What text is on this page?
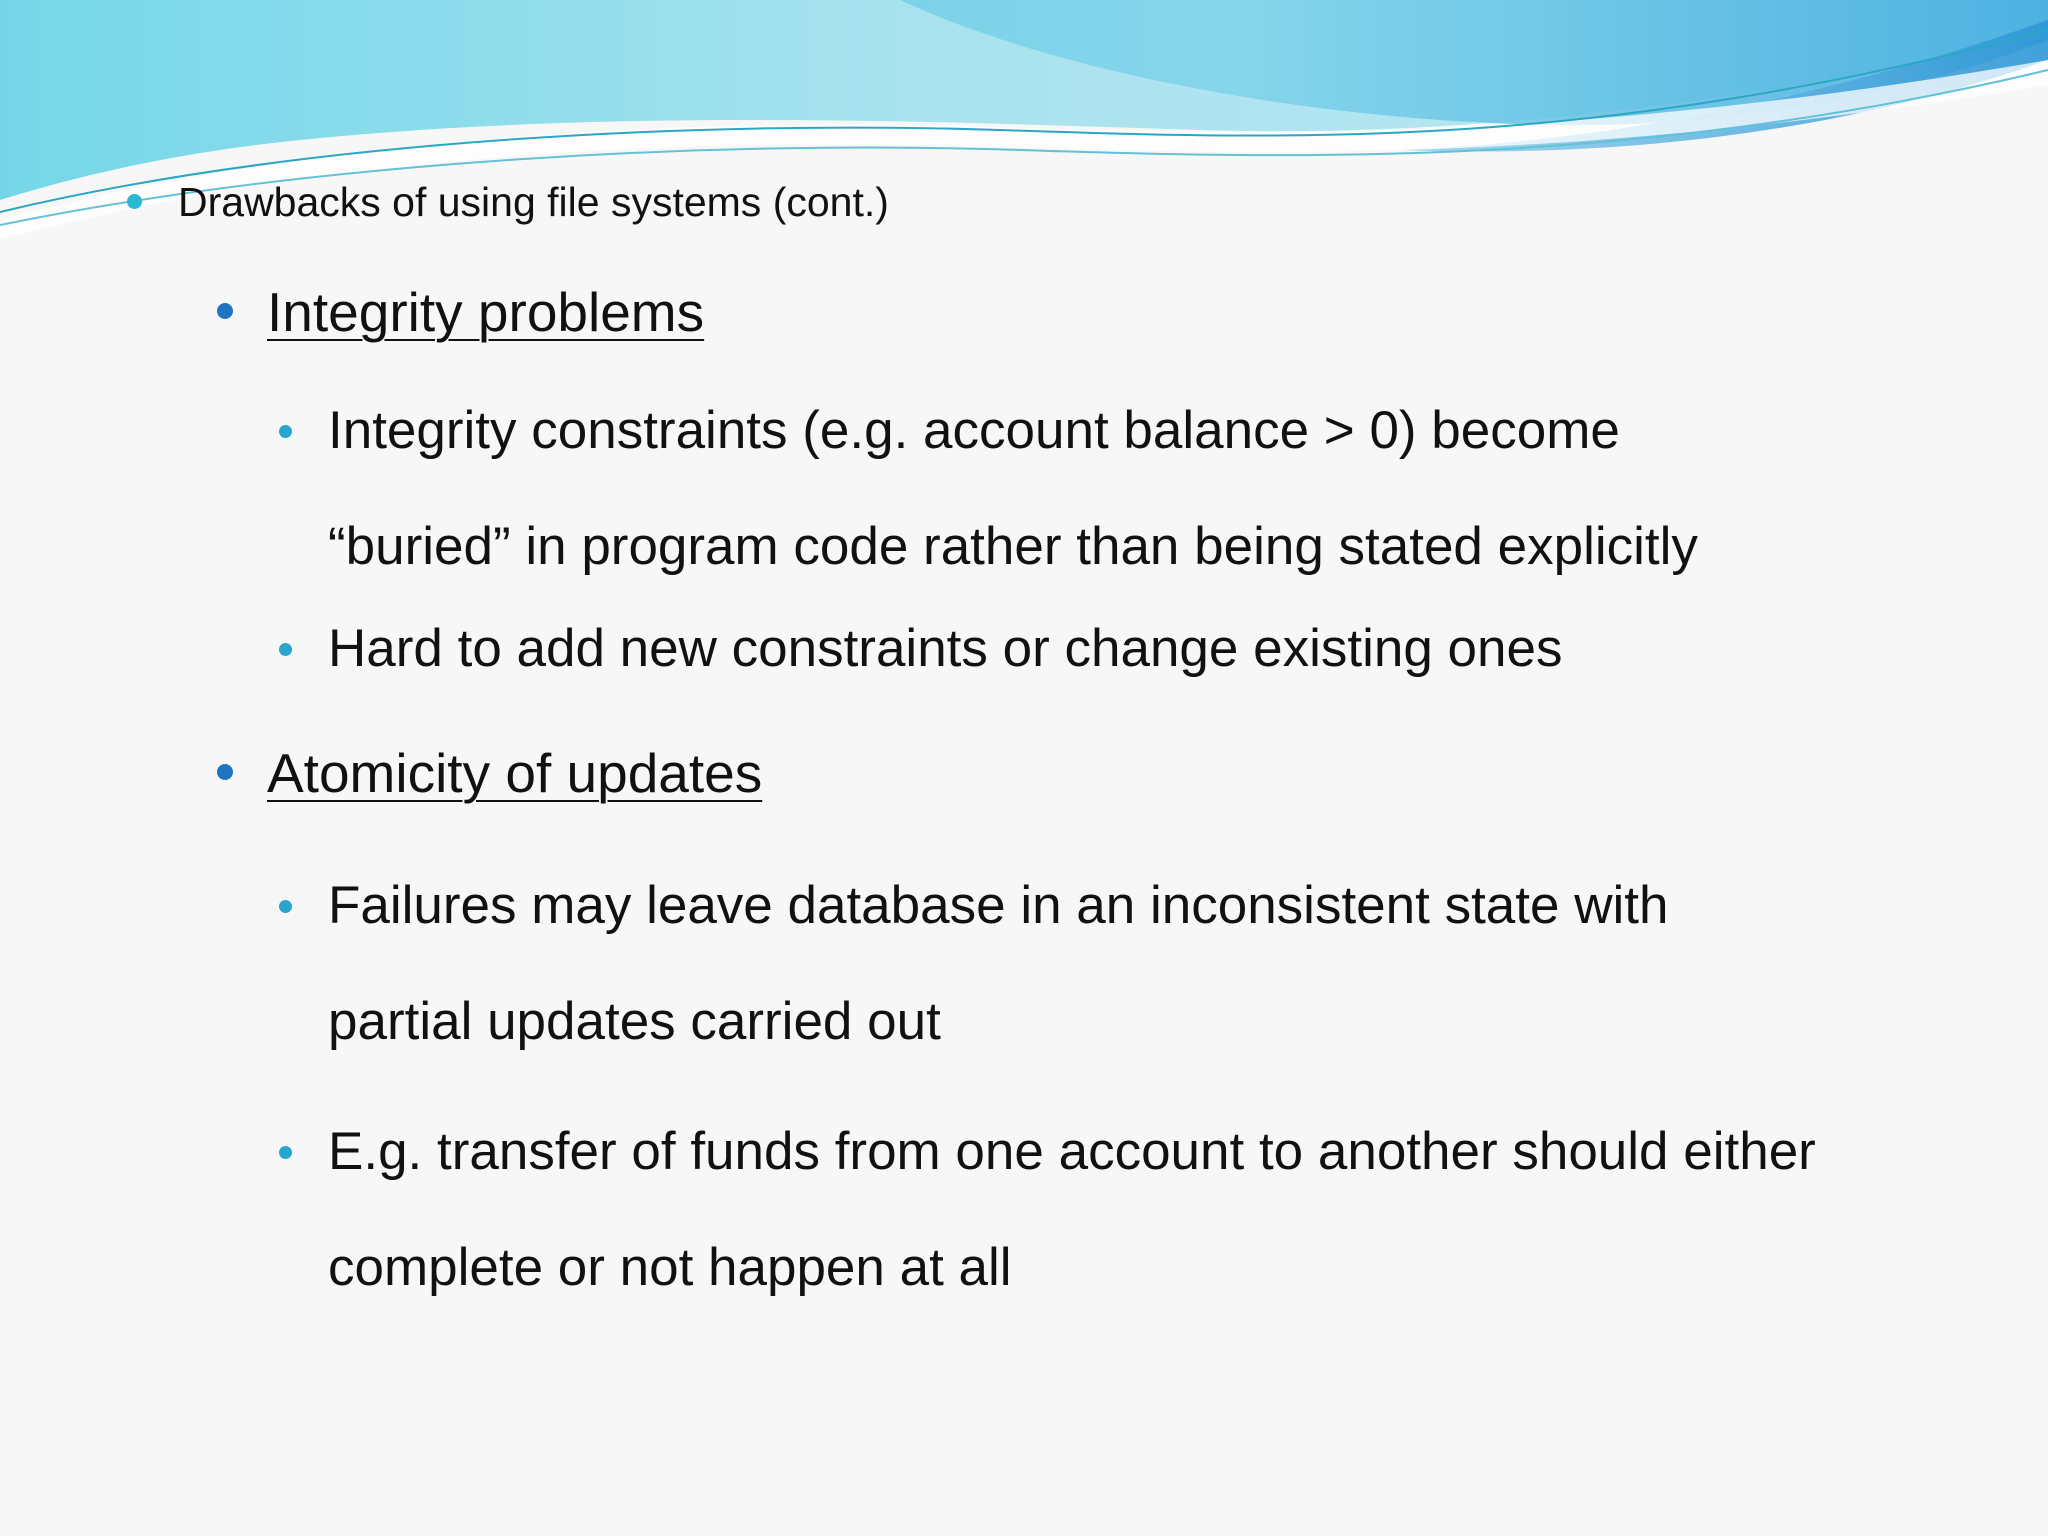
Drawbacks of using file systems (cont.)
Integrity problems
Integrity constraints (e.g. account balance > 0) become
“buried” in program code rather than being stated explicitly
Hard to add new constraints or change existing ones
Atomicity of updates
Failures may leave database in an inconsistent state with
partial updates carried out
E.g. transfer of funds from one account to another should either
complete or not happen at all
